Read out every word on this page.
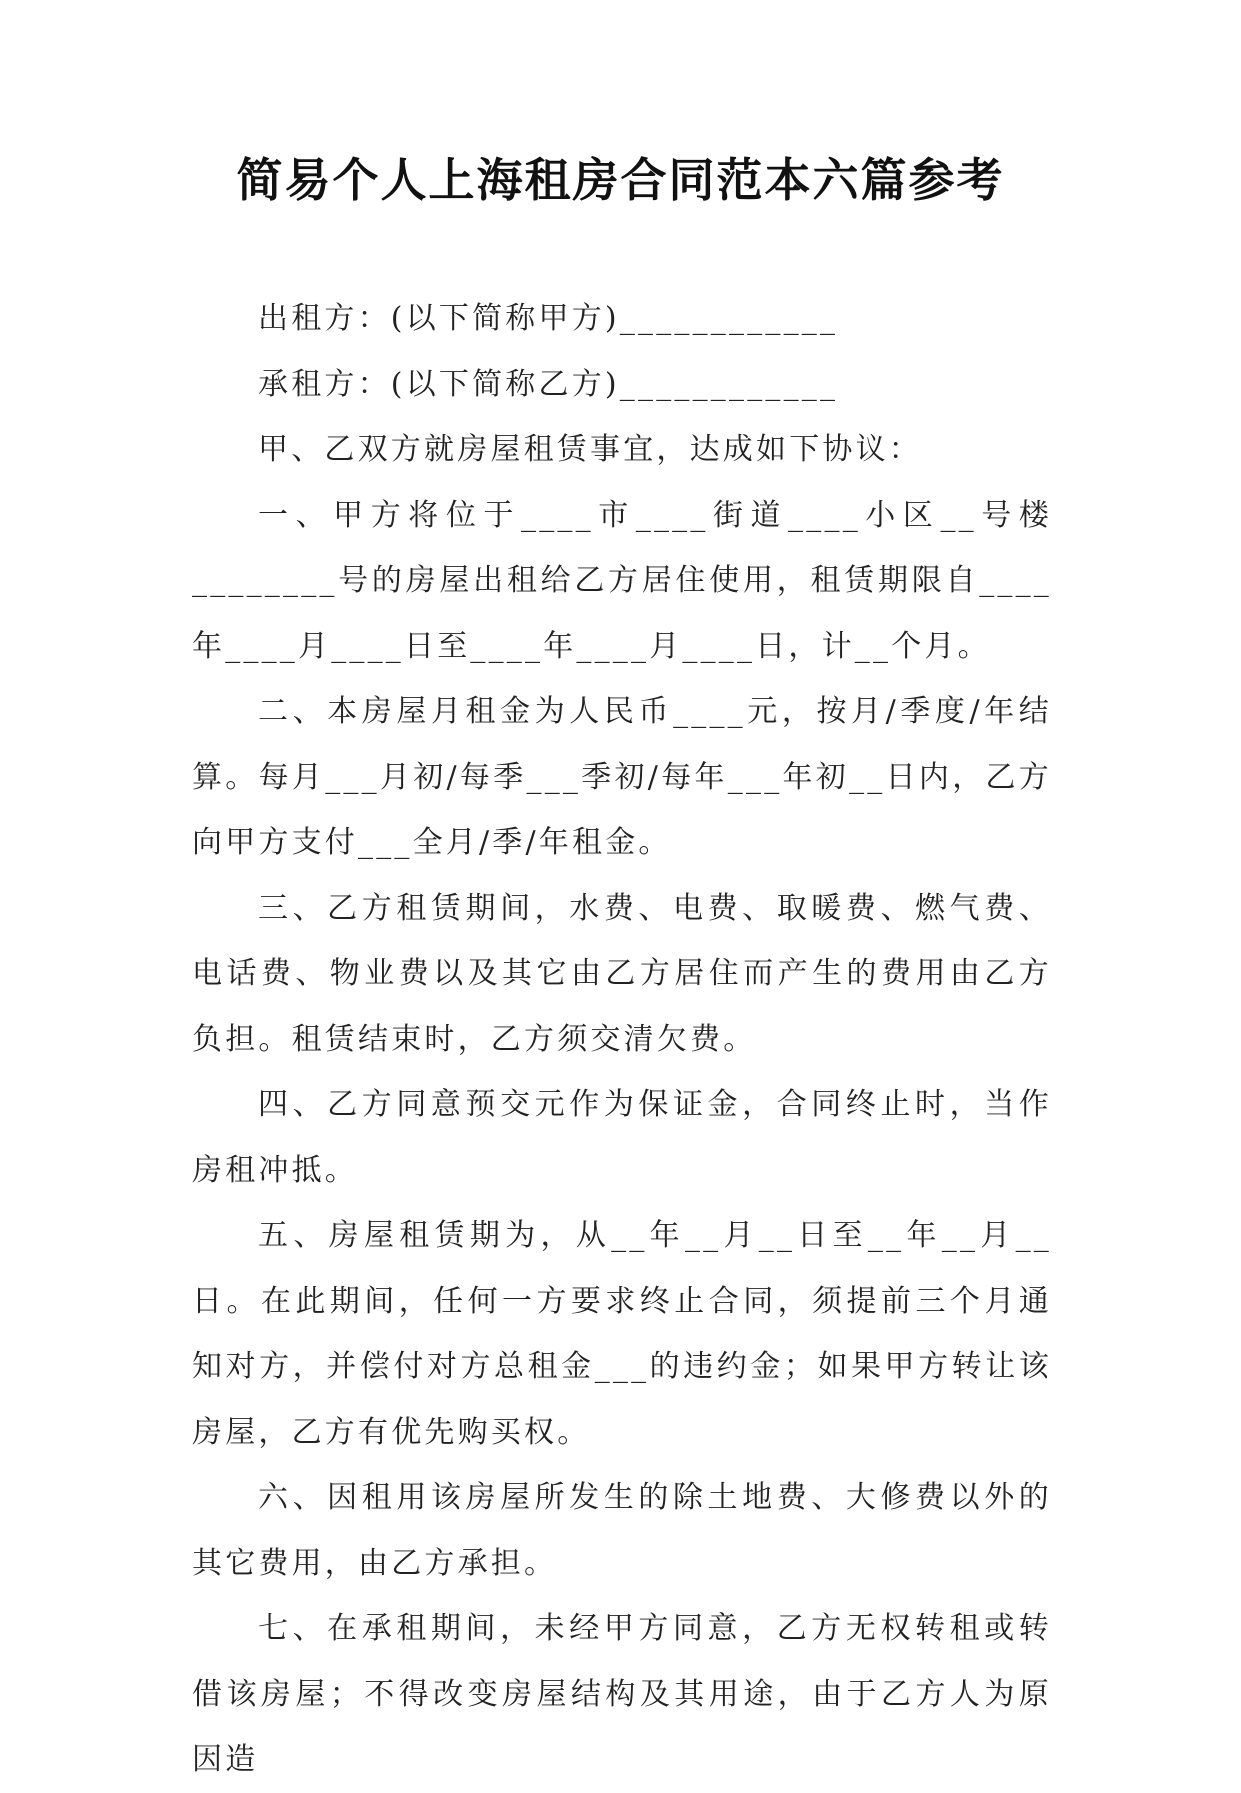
简易个人上海租房合同范本六篇参考

出租方：(以下简称甲方)____________

承租方：(以下简称乙方)____________

甲、乙双方就房屋租赁事宜，达成如下协议：

一、甲方将位于____市____街道____小区__号楼________号的房屋出租给乙方居住使用，租赁期限自____年____月____日至____年____月____日，计__个月。

二、本房屋月租金为人民币____元，按月/季度/年结算。每月___月初/每季___季初/每年___年初__日内，乙方向甲方支付___全月/季/年租金。

三、乙方租赁期间，水费、电费、取暖费、燃气费、电话费、物业费以及其它由乙方居住而产生的费用由乙方负担。租赁结束时，乙方须交清欠费。

四、乙方同意预交元作为保证金，合同终止时，当作房租冲抵。

五、房屋租赁期为，从__年__月__日至__年__月__日。在此期间，任何一方要求终止合同，须提前三个月通知对方，并偿付对方总租金___的违约金；如果甲方转让该房屋，乙方有优先购买权。

六、因租用该房屋所发生的除土地费、大修费以外的其它费用，由乙方承担。

七、在承租期间，未经甲方同意，乙方无权转租或转借该房屋；不得改变房屋结构及其用途，由于乙方人为原因造
